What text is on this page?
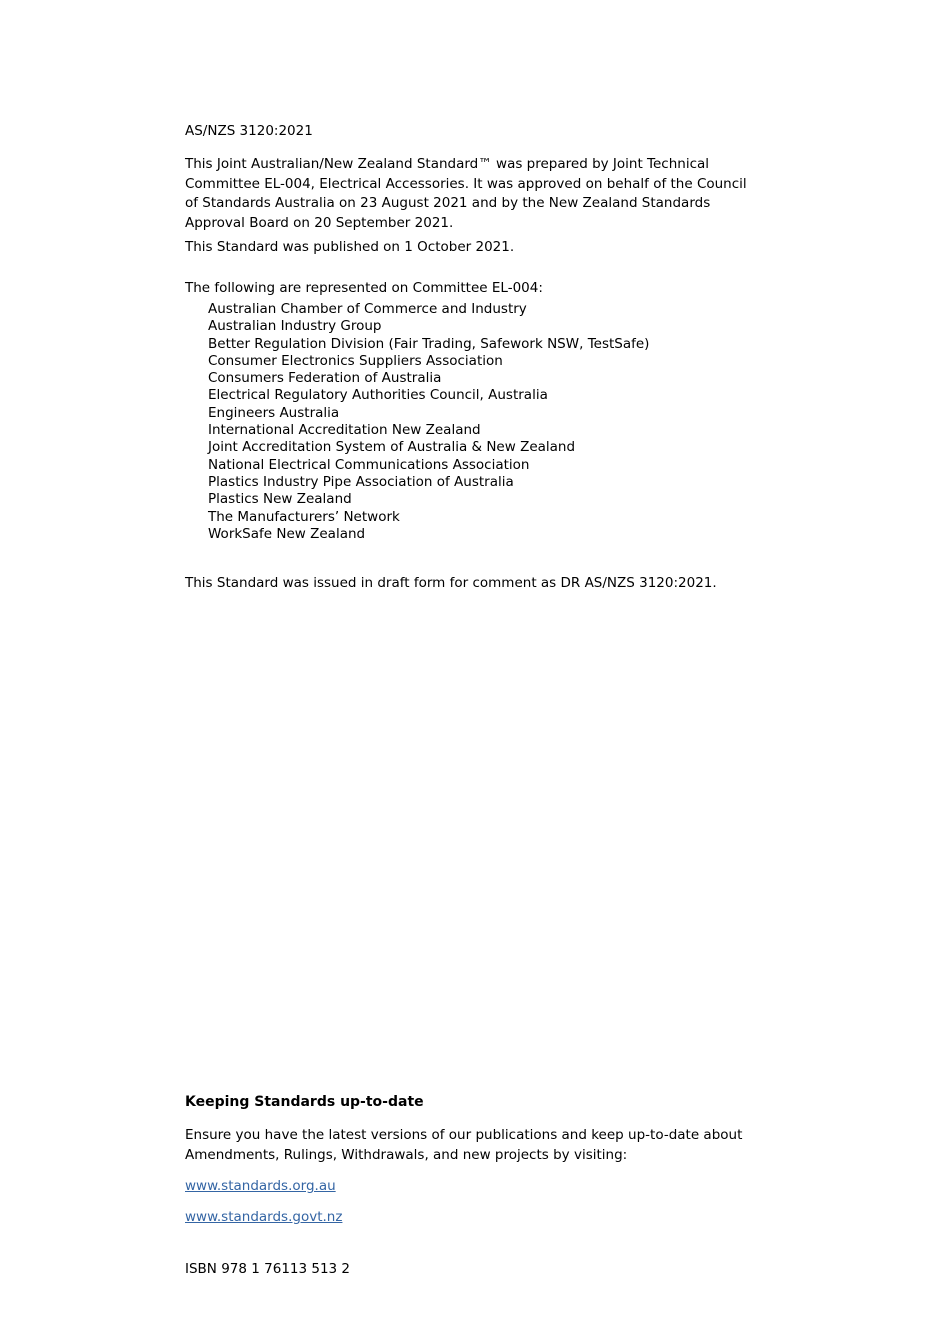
AS/NZS 3120:2021

This Joint Australian/New Zealand Standard™ was prepared by Joint Technical Committee EL-004, Electrical Accessories. It was approved on behalf of the Council of Standards Australia on 23 August 2021 and by the New Zealand Standards Approval Board on 20 September 2021.

This Standard was published on 1 October 2021.

The following are represented on Committee EL-004:

Australian Chamber of Commerce and Industry
Australian Industry Group
Better Regulation Division (Fair Trading, Safework NSW, TestSafe)
Consumer Electronics Suppliers Association
Consumers Federation of Australia
Electrical Regulatory Authorities Council, Australia
Engineers Australia
International Accreditation New Zealand
Joint Accreditation System of Australia & New Zealand
National Electrical Communications Association
Plastics Industry Pipe Association of Australia
Plastics New Zealand
The Manufacturers’ Network
WorkSafe New Zealand

This Standard was issued in draft form for comment as DR AS/NZS 3120:2021.

Keeping Standards up-to-date

Ensure you have the latest versions of our publications and keep up-to-date about Amendments, Rulings, Withdrawals, and new projects by visiting:

www.standards.org.au
www.standards.govt.nz

ISBN 978 1 76113 513 2
